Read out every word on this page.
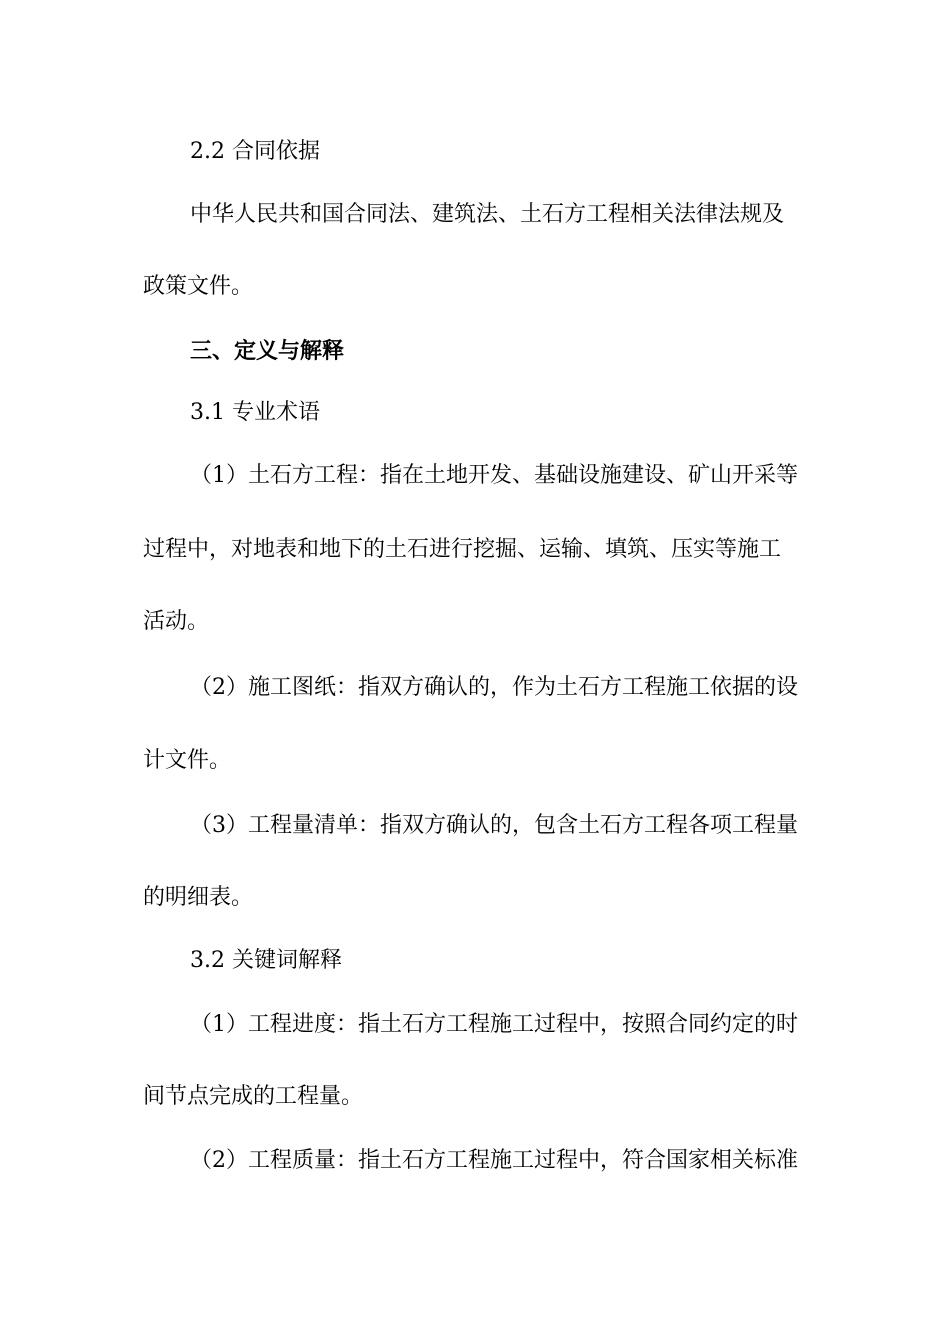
2.2 合同依据
中华人民共和国合同法、建筑法、土石方工程相关法律法规及
政策文件。
三、定义与解释
3.1 专业术语
（1）土石方工程：指在土地开发、基础设施建设、矿山开采等
过程中，对地表和地下的土石进行挖掘、运输、填筑、压实等施工
活动。
（2）施工图纸：指双方确认的，作为土石方工程施工依据的设
计文件。
（3）工程量清单：指双方确认的，包含土石方工程各项工程量
的明细表。
3.2 关键词解释
（1）工程进度：指土石方工程施工过程中，按照合同约定的时
间节点完成的工程量。
（2）工程质量：指土石方工程施工过程中，符合国家相关标准
